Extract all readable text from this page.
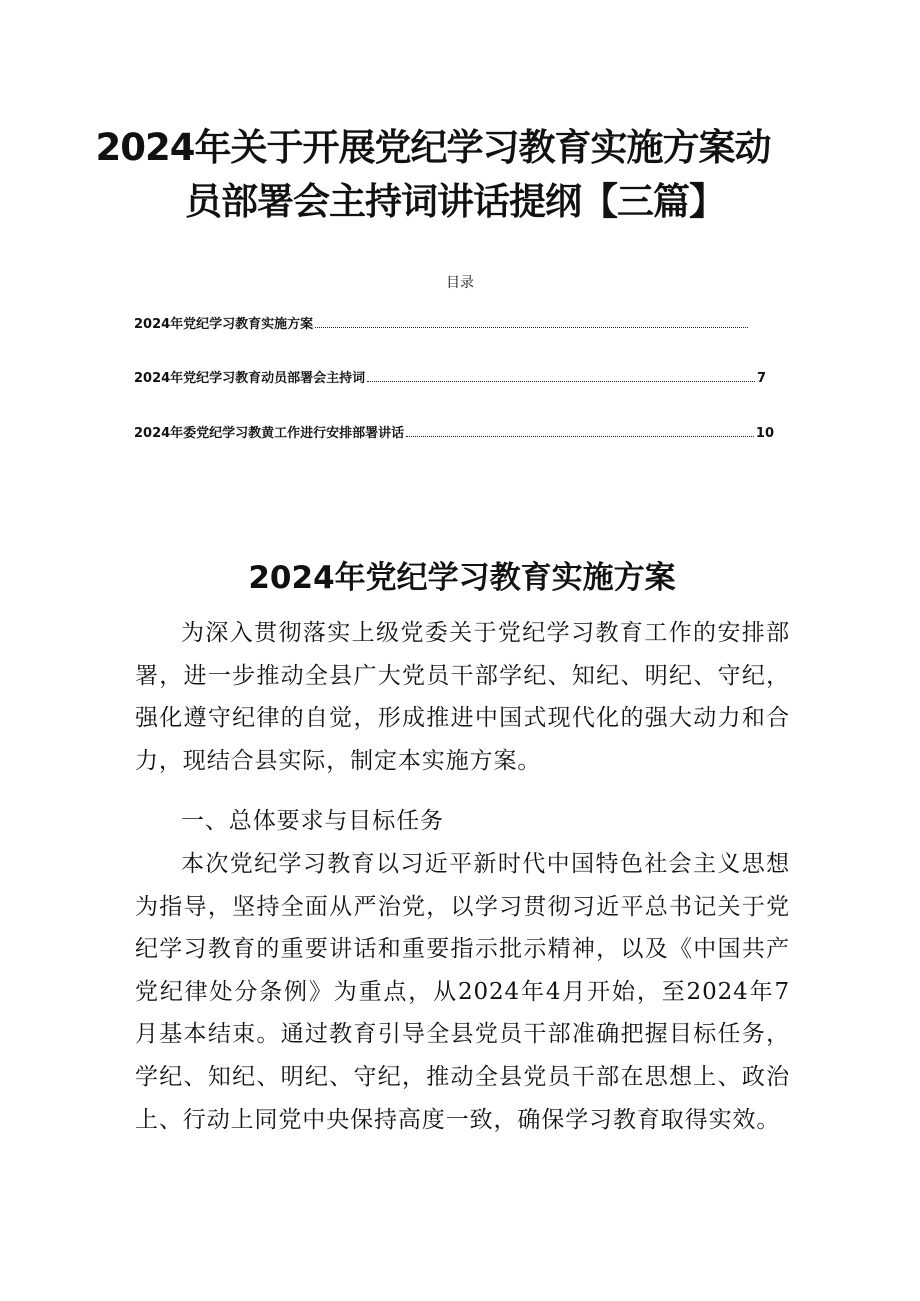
2024年关于开展党纪学习教育实施方案动
员部署会主持词讲话提纲【三篇】
目录
2024年党纪学习教育实施方案
2024年党纪学习教育动员部署会主持词	7
2024年委党纪学习教黄工作进行安排部署讲话	10
2024年党纪学习教育实施方案

为深入贯彻落实上级党委关于党纪学习教育工作的安排部署，进一步推动全县广大党员干部学纪、知纪、明纪、守纪，强化遵守纪律的自觉，形成推进中国式现代化的强大动力和合力，现结合县实际，制定本实施方案。

一、总体要求与目标任务

本次党纪学习教育以习近平新时代中国特色社会主义思想为指导，坚持全面从严治党，以学习贯彻习近平总书记关于党纪学习教育的重要讲话和重要指示批示精神，以及《中国共产党纪律处分条例》为重点，从2024年4月开始，至2024年7月基本结束。通过教育引导全县党员干部准确把握目标任务，学纪、知纪、明纪、守纪，推动全县党员干部在思想上、政治上、行动上同党中央保持高度一致，确保学习教育取得实效。
